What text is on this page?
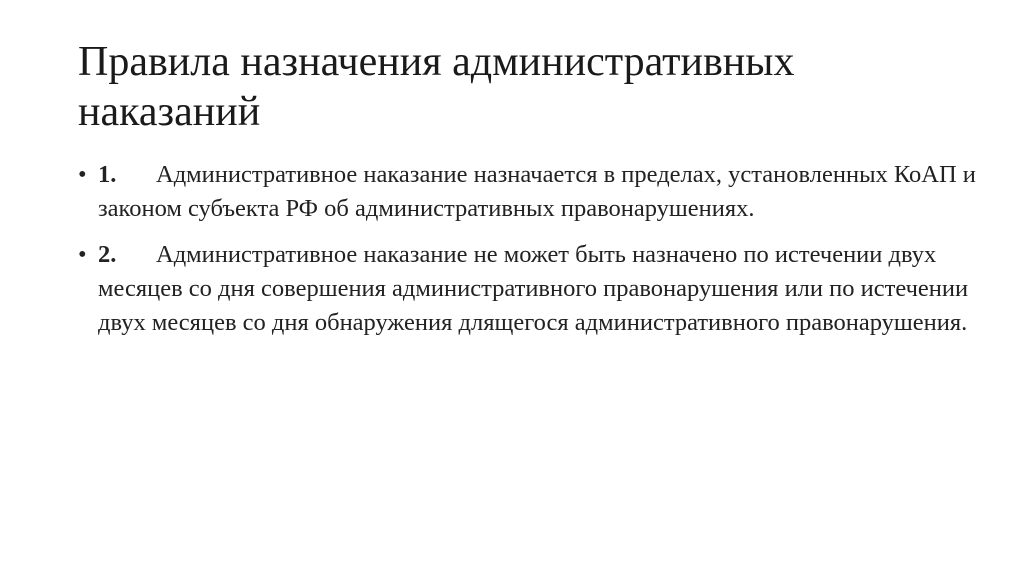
Правила назначения административных наказаний
• 1. Административное наказание назначается в пределах, установленных КоАП и законом субъекта РФ об административных правонарушениях.
• 2. Административное наказание не может быть назначено по истечении двух месяцев со дня совершения административного правонарушения или по истечении двух месяцев со дня обнаружения длящегося административного правонарушения.
